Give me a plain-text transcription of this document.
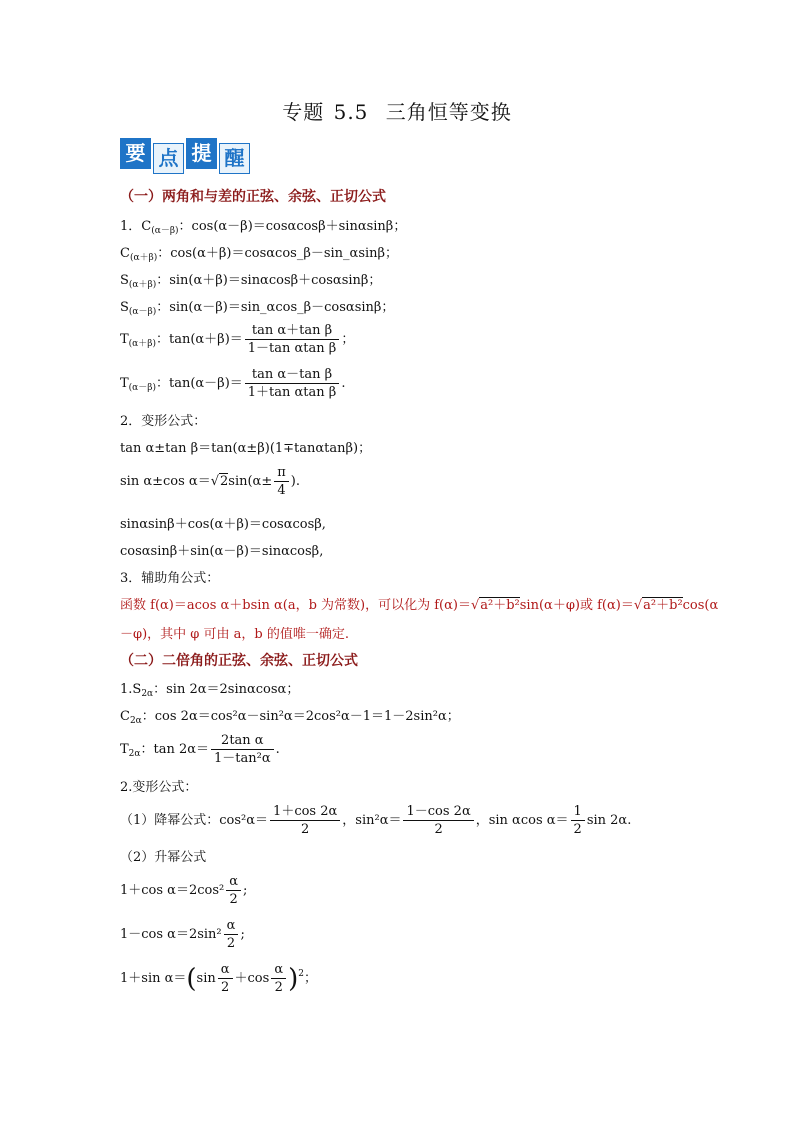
专题 5.5 三角恒等变换
要 点 提 醒
（一）两角和与差的正弦、余弦、正切公式
1．$C_{(\alpha-\beta)}$：cos(α－β)＝cosαcosβ＋sinαsinβ；
$C_{(\alpha+\beta)}$：cos(α＋β)＝cosαcos_β－sin_αsinβ；
$S_{(\alpha+\beta)}$：sin(α＋β)＝sinαcosβ＋cosαsinβ；
$S_{(\alpha-\beta)}$：sin(α－β)＝sin_αcos_β－cosαsinβ；
$T_{(\alpha+\beta)}$：$\tan(\alpha+\beta)= \frac{\text{tan α＋tan β}}{\text{1－tan αtan β}}$ ；
$T_{(\alpha-\beta)}$：$\tan(\alpha-\beta)= \frac{\text{tan α－tan β}}{\text{1＋tan αtan β}}$ .
2．变形公式：
tan α±tan β＝tan(α±β)(1∓tanαtanβ)；
sin α±cos $\alpha=√2\sin(\alpha\pm \frac{\pi}{4}$ ).
sinαsinβ＋cos(α＋β)＝cosαcosβ,
cosαsinβ＋sin(α－β)＝sinαcosβ,
3．辅助角公式：
函数 f(α)＝acos α＋bsin α(a，b 为常数)，可以化为 f(α)＝√a²＋b²sin(α＋φ)或 f(α)＝√a²＋b²cos(α
－φ)，其中 φ 可由 a，b 的值唯一确定.
（二）二倍角的正弦、余弦、正切公式
$1.S_{2\alpha}$：sin 2α＝2sinαcosα；
$C_{2\alpha}$：cos 2α＝cos²α－sin²α＝2cos²α－1＝1－2sin²α；
$T_{2\alpha}$：$\tan 2\alpha= \frac{\text{2tan α}}{\text{1－tan²α}}$ .
2.变形公式：
（1）降幂公式：$\cos^2\alpha= \frac{1+\cos 2\alpha}{2}$ ，$\sin^2\alpha= \frac{1-\cos 2\alpha}{2}$ ，sin αcos $\alpha= \frac{1}{2}$ sin 2α.
（2）升幂公式
1＋cos $\alpha=2\cos^2 \frac{\alpha}{2}$ ;
1－cos $\alpha=2\sin^2 \frac{\alpha}{2}$ ;
1＋sin $\alpha=(\sin \frac{\alpha}{2} +\cos \frac{\alpha}{2} )^2$；
